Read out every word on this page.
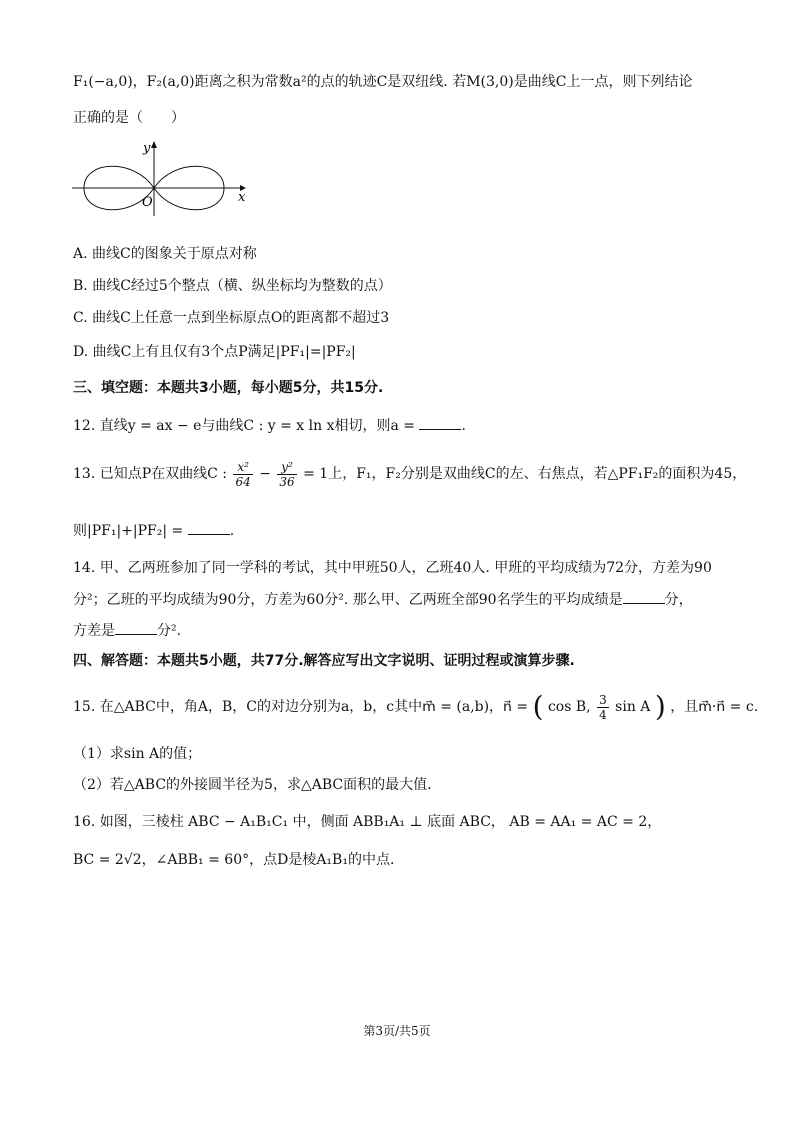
F₁(−a,0)，F₂(a,0)距离之积为常数a²的点的轨迹C是双纽线. 若M(3,0)是曲线C上一点，则下列结论
正确的是（　　）
y
x
O
A. 曲线C的图象关于原点对称
B. 曲线C经过5个整点（横、纵坐标均为整数的点）
C. 曲线C上任意一点到坐标原点O的距离都不超过3
D. 曲线C上有且仅有3个点P满足|PF₁|=|PF₂|
三、填空题：本题共3小题，每小题5分，共15分.
12. 直线y = ax − e与曲线C : y = x ln x相切，则a =	.
13. 已知点P在双曲线C : $\frac{\text{x²}}{64} - \frac{\text{y²}}{36} = 1$上，F₁，F₂分别是双曲线C的左、右焦点，若△PF₁F₂的面积为45，
则|PF₁|+|PF₂| =	.
14. 甲、乙两班参加了同一学科的考试，其中甲班50人，乙班40人. 甲班的平均成绩为72分，方差为90
分²；乙班的平均成绩为90分，方差为60分². 那么甲、乙两班全部90名学生的平均成绩是	分，
方差是	分².
四、解答题：本题共5小题，共77分.解答应写出文字说明、证明过程或演算步骤.
15. 在△ABC中，角A，B，C的对边分别为a，b，c其中m⃗ = (a,b)，n⃗ = ( cos B, $\frac{3}{4}$ sin A ) ，且m⃗·n⃗ = c.
（1）求sin A的值；
（2）若△ABC的外接圆半径为5，求△ABC面积的最大值.
16. 如图，三棱柱 ABC − A₁B₁C₁ 中，侧面 ABB₁A₁ ⊥ 底面 ABC， AB = AA₁ = AC = 2，
BC = 2√2，∠ABB₁ = 60°，点D是棱A₁B₁的中点.
第3页/共5页
